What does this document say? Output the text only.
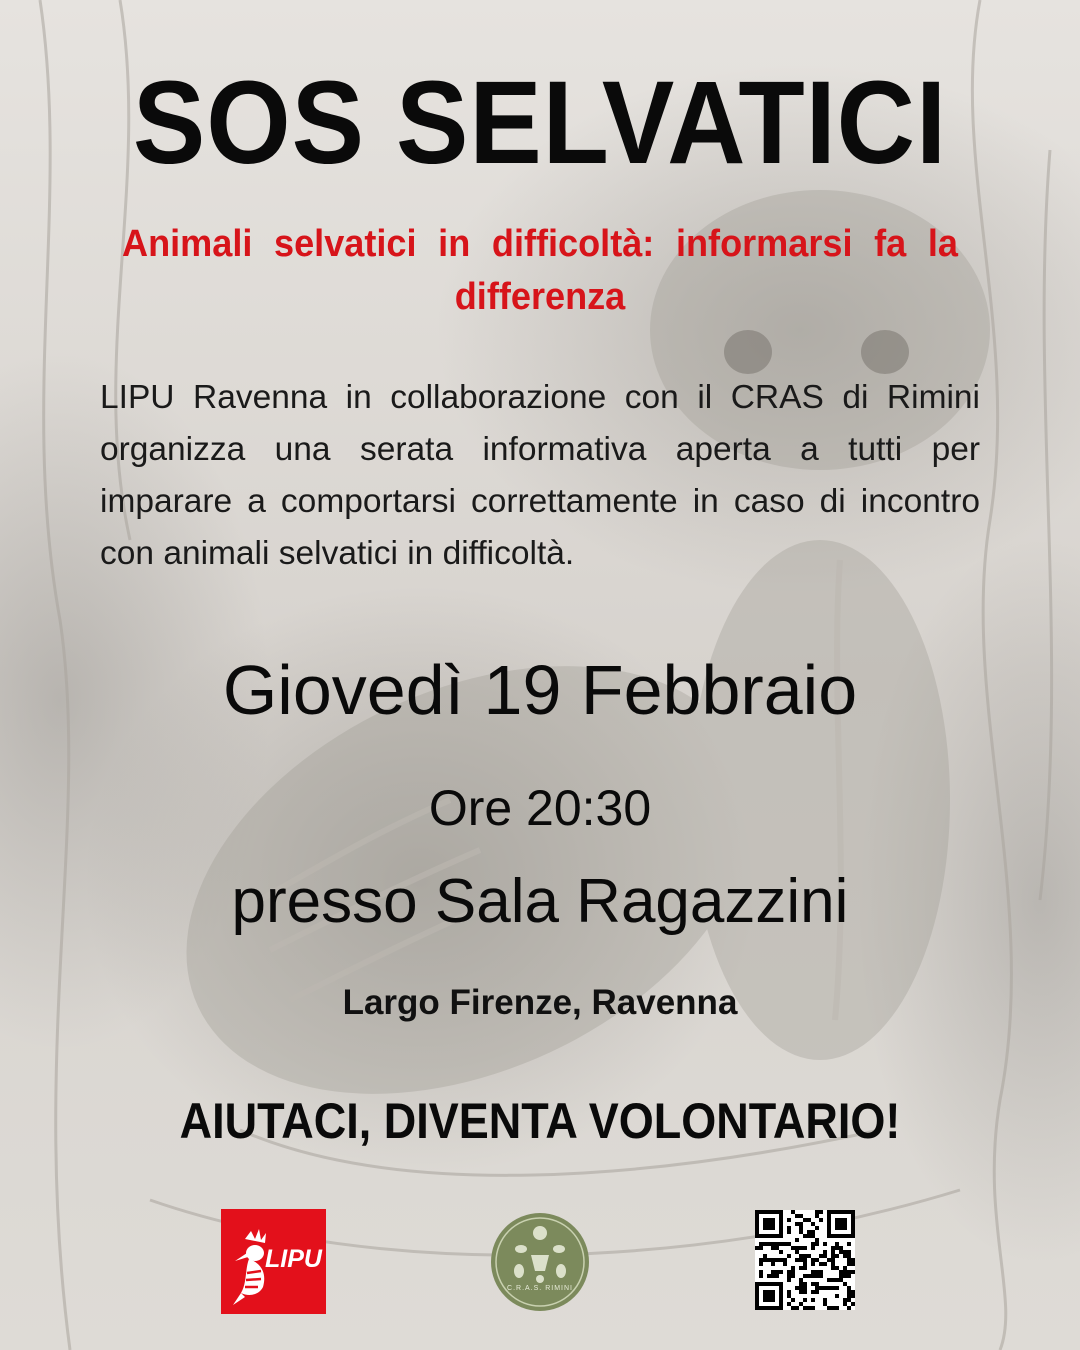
SOS SELVATICI
Animali selvatici in difficoltà: informarsi fa la differenza
LIPU Ravenna in collaborazione con il CRAS di Rimini organizza una serata informativa aperta a tutti per imparare a comportarsi correttamente in caso di incontro con animali selvatici in difficoltà.
Giovedì 19 Febbraio
Ore 20:30
presso Sala Ragazzini
Largo Firenze, Ravenna
AIUTACI, DIVENTA VOLONTARIO!
LIPU
C.R.A.S. RIMINI
